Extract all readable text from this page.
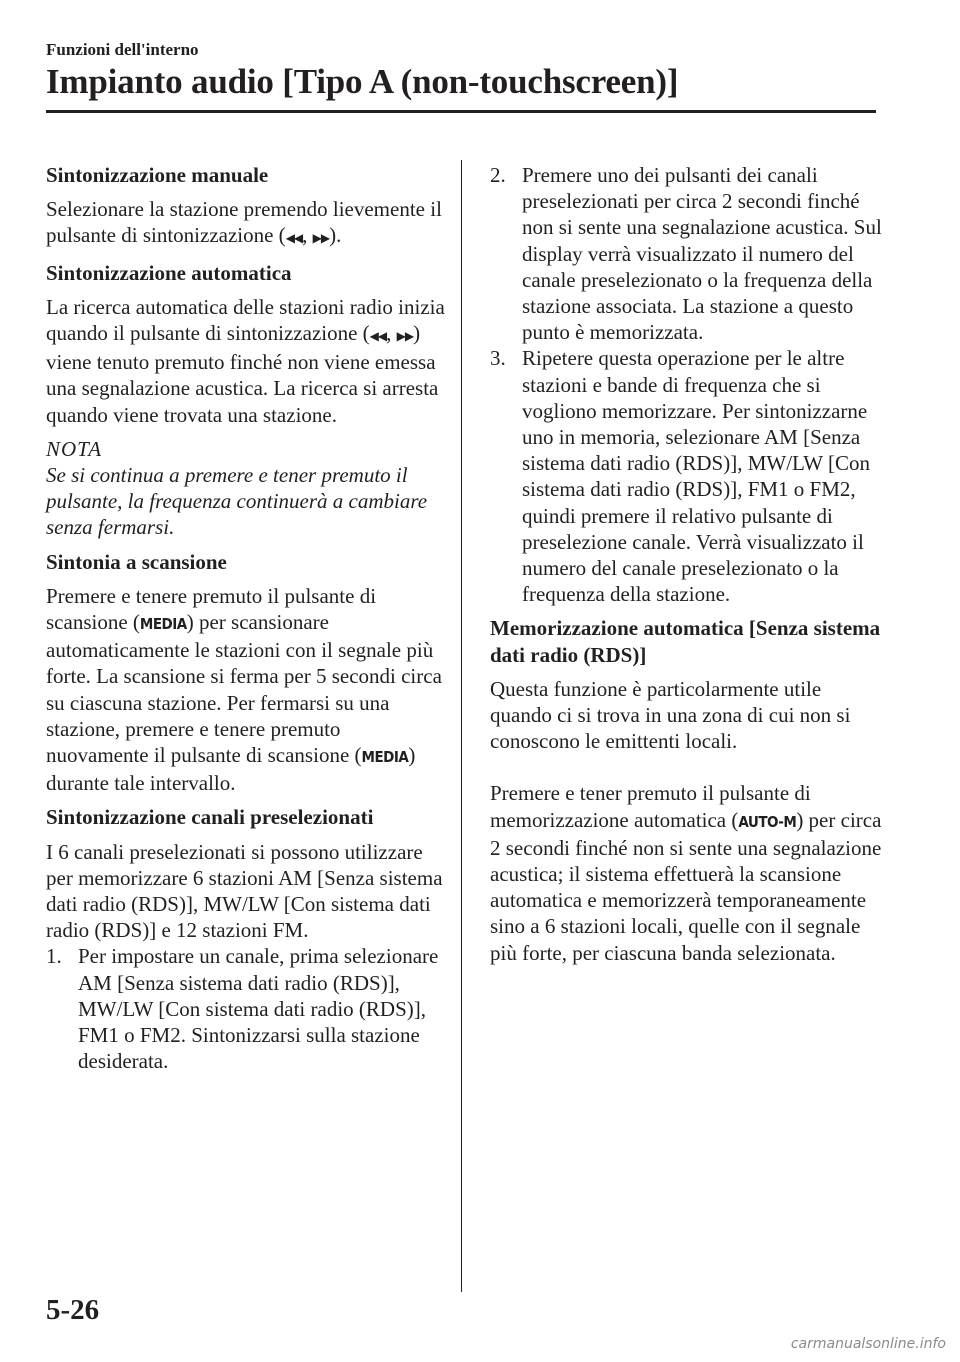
Funzioni dell'interno

Impianto audio [Tipo A (non-touchscreen)]

Sintonizzazione manuale

Selezionare la stazione premendo lievemente il pulsante di sintonizzazione (◀◀, ▶▶).

Sintonizzazione automatica

La ricerca automatica delle stazioni radio inizia quando il pulsante di sintonizzazione (◀◀, ▶▶) viene tenuto premuto finché non viene emessa una segnalazione acustica. La ricerca si arresta quando viene trovata una stazione.

NOTA

Se si continua a premere e tener premuto il pulsante, la frequenza continuerà a cambiare senza fermarsi.

Sintonia a scansione

Premere e tenere premuto il pulsante di scansione (MEDIA) per scansionare automaticamente le stazioni con il segnale più forte. La scansione si ferma per 5 secondi circa su ciascuna stazione. Per fermarsi su una stazione, premere e tenere premuto nuovamente il pulsante di scansione (MEDIA) durante tale intervallo.

Sintonizzazione canali preselezionati

I 6 canali preselezionati si possono utilizzare per memorizzare 6 stazioni AM [Senza sistema dati radio (RDS)], MW/LW [Con sistema dati radio (RDS)] e 12 stazioni FM.

1. Per impostare un canale, prima selezionare AM [Senza sistema dati radio (RDS)], MW/LW [Con sistema dati radio (RDS)], FM1 o FM2. Sintonizzarsi sulla stazione desiderata.
2. Premere uno dei pulsanti dei canali preselezionati per circa 2 secondi finché non si sente una segnalazione acustica. Sul display verrà visualizzato il numero del canale preselezionato o la frequenza della stazione associata. La stazione a questo punto è memorizzata.
3. Ripetere questa operazione per le altre stazioni e bande di frequenza che si vogliono memorizzare. Per sintonizzarne uno in memoria, selezionare AM [Senza sistema dati radio (RDS)], MW/LW [Con sistema dati radio (RDS)], FM1 o FM2, quindi premere il relativo pulsante di preselezione canale. Verrà visualizzato il numero del canale preselezionato o la frequenza della stazione.

Memorizzazione automatica [Senza sistema dati radio (RDS)]

Questa funzione è particolarmente utile quando ci si trova in una zona di cui non si conoscono le emittenti locali.

Premere e tener premuto il pulsante di memorizzazione automatica (AUTO-M) per circa 2 secondi finché non si sente una segnalazione acustica; il sistema effettuerà la scansione automatica e memorizzerà temporaneamente sino a 6 stazioni locali, quelle con il segnale più forte, per ciascuna banda selezionata.

5-26

carmanualsonline.info
